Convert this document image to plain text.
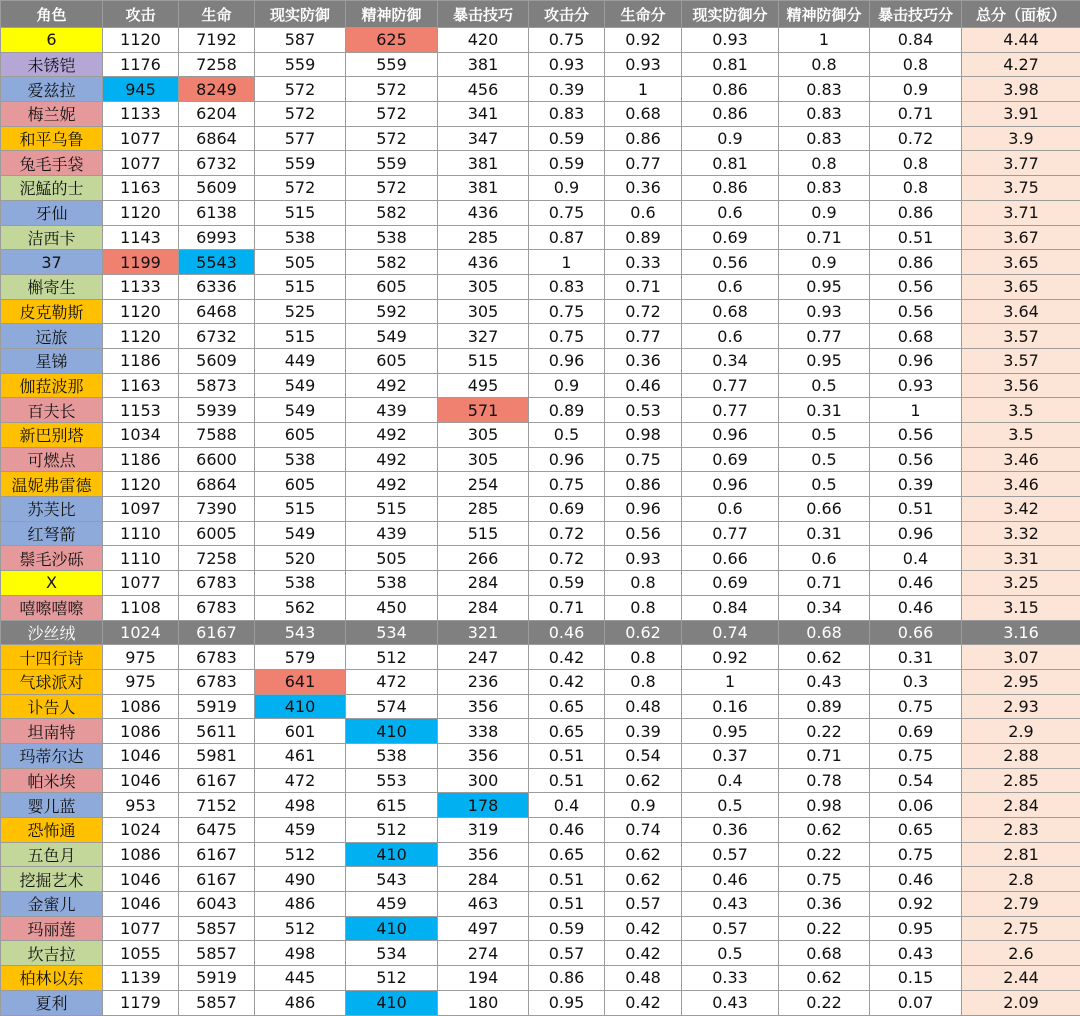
角色	攻击	生命	现实防御	精神防御	暴击技巧	攻击分	生命分	现实防御分	精神防御分	暴击技巧分	总分（面板）
6	1120	7192	587	625	420	0.75	0.92	0.93	1	0.84	4.44
未锈铠	1176	7258	559	559	381	0.93	0.93	0.81	0.8	0.8	4.27
爱兹拉	945	8249	572	572	456	0.39	1	0.86	0.83	0.9	3.98
梅兰妮	1133	6204	572	572	341	0.83	0.68	0.86	0.83	0.71	3.91
和平乌鲁	1077	6864	577	572	347	0.59	0.86	0.9	0.83	0.72	3.9
兔毛手袋	1077	6732	559	559	381	0.59	0.77	0.81	0.8	0.8	3.77
泥鯭的士	1163	5609	572	572	381	0.9	0.36	0.86	0.83	0.8	3.75
牙仙	1120	6138	515	582	436	0.75	0.6	0.6	0.9	0.86	3.71
洁西卡	1143	6993	538	538	285	0.87	0.89	0.69	0.71	0.51	3.67
37	1199	5543	505	582	436	1	0.33	0.56	0.9	0.86	3.65
槲寄生	1133	6336	515	605	305	0.83	0.71	0.6	0.95	0.56	3.65
皮克勒斯	1120	6468	525	592	305	0.75	0.72	0.68	0.93	0.56	3.64
远旅	1120	6732	515	549	327	0.75	0.77	0.6	0.77	0.68	3.57
星锑	1186	5609	449	605	515	0.96	0.36	0.34	0.95	0.96	3.57
伽菈波那	1163	5873	549	492	495	0.9	0.46	0.77	0.5	0.93	3.56
百夫长	1153	5939	549	439	571	0.89	0.53	0.77	0.31	1	3.5
新巴别塔	1034	7588	605	492	305	0.5	0.98	0.96	0.5	0.56	3.5
可燃点	1186	6600	538	492	305	0.96	0.75	0.69	0.5	0.56	3.46
温妮弗雷德	1120	6864	605	492	254	0.75	0.86	0.96	0.5	0.39	3.46
苏芙比	1097	7390	515	515	285	0.69	0.96	0.6	0.66	0.51	3.42
红弩箭	1110	6005	549	439	515	0.72	0.56	0.77	0.31	0.96	3.32
鬃毛沙砾	1110	7258	520	505	266	0.72	0.93	0.66	0.6	0.4	3.31
X	1077	6783	538	538	284	0.59	0.8	0.69	0.71	0.46	3.25
嘻嚓嘻嚓	1108	6783	562	450	284	0.71	0.8	0.84	0.34	0.46	3.15
沙丝绒	1024	6167	543	534	321	0.46	0.62	0.74	0.68	0.66	3.16
十四行诗	975	6783	579	512	247	0.42	0.8	0.92	0.62	0.31	3.07
气球派对	975	6783	641	472	236	0.42	0.8	1	0.43	0.3	2.95
讣告人	1086	5919	410	574	356	0.65	0.48	0.16	0.89	0.75	2.93
坦南特	1086	5611	601	410	338	0.65	0.39	0.95	0.22	0.69	2.9
玛蒂尔达	1046	5981	461	538	356	0.51	0.54	0.37	0.71	0.75	2.88
帕米埃	1046	6167	472	553	300	0.51	0.62	0.4	0.78	0.54	2.85
婴儿蓝	953	7152	498	615	178	0.4	0.9	0.5	0.98	0.06	2.84
恐怖通	1024	6475	459	512	319	0.46	0.74	0.36	0.62	0.65	2.83
五色月	1086	6167	512	410	356	0.65	0.62	0.57	0.22	0.75	2.81
挖掘艺术	1046	6167	490	543	284	0.51	0.62	0.46	0.75	0.46	2.8
金蜜儿	1046	6043	486	459	463	0.51	0.57	0.43	0.36	0.92	2.79
玛丽莲	1077	5857	512	410	497	0.59	0.42	0.57	0.22	0.95	2.75
坎吉拉	1055	5857	498	534	274	0.57	0.42	0.5	0.68	0.43	2.6
柏林以东	1139	5919	445	512	194	0.86	0.48	0.33	0.62	0.15	2.44
夏利	1179	5857	486	410	180	0.95	0.42	0.43	0.22	0.07	2.09
